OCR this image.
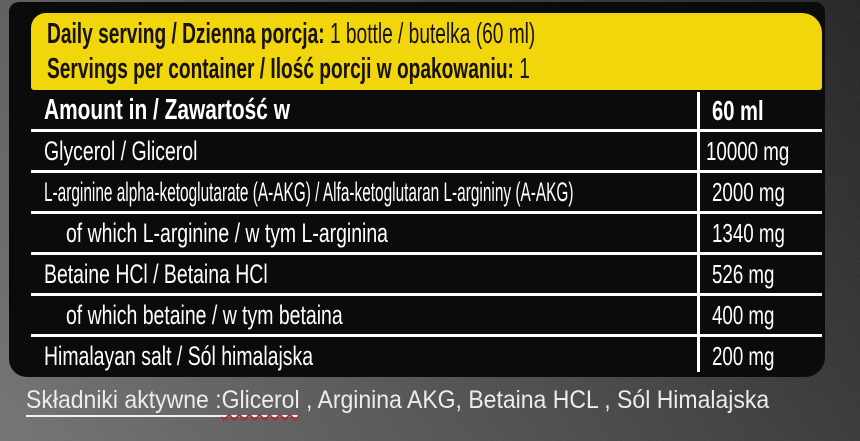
Daily serving / Dzienna porcja: 1 bottle / butelka (60 ml)
Servings per container / Ilość porcji w opakowaniu: 1
Amount in / Zawartość w	60 ml
Glycerol / Glicerol	10000 mg
L-arginine alpha-ketoglutarate (A-AKG) / Alfa-ketoglutaran L-argininy (A-AKG)	2000 mg
of which L-arginine / w tym L-arginina	1340 mg
Betaine HCl / Betaina HCl	526 mg
of which betaine / w tym betaina	400 mg
Himalayan salt / Sól himalajska	200 mg
Składniki aktywne :Glicerol , Arginina AKG, Betaina HCL , Sól Himalajska
